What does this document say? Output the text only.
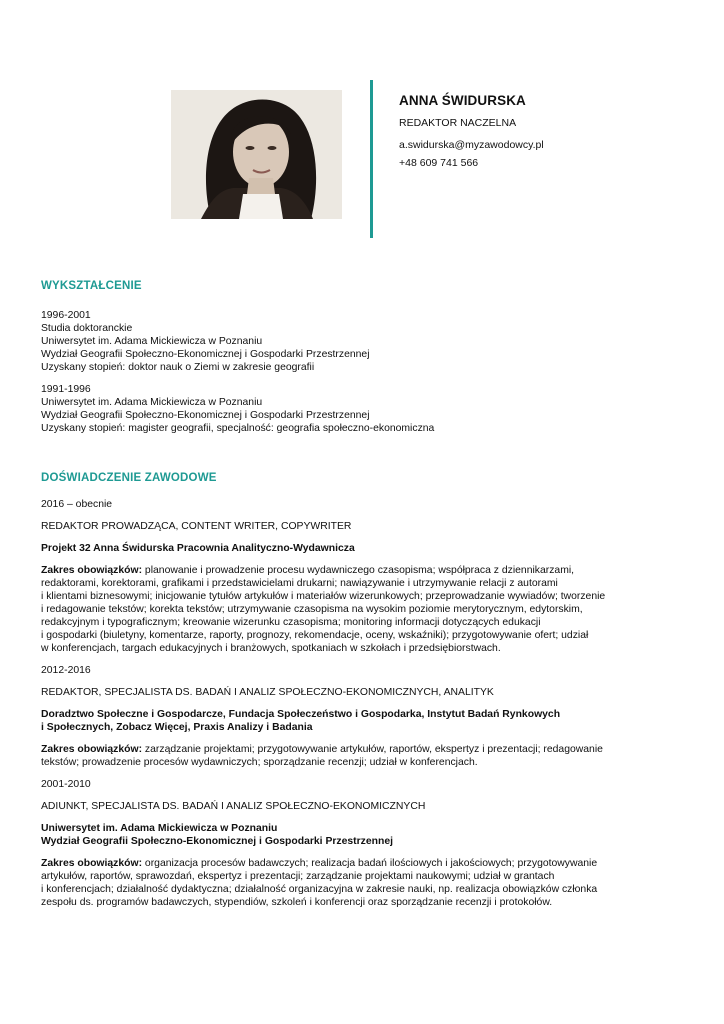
ANNA ŚWIDURSKA

REDAKTOR NACZELNA

a.swidurska@myzawodowcy.pl

+48 609 741 566

WYKSZTAŁCENIE

1996-2001

Studia doktoranckie

Uniwersytet im. Adama Mickiewicza w Poznaniu

Wydział Geografii Społeczno-Ekonomicznej i Gospodarki Przestrzennej

Uzyskany stopień: doktor nauk o Ziemi w zakresie geografii

1991-1996

Uniwersytet im. Adama Mickiewicza w Poznaniu

Wydział Geografii Społeczno-Ekonomicznej i Gospodarki Przestrzennej

Uzyskany stopień: magister geografii, specjalność: geografia społeczno-ekonomiczna

DOŚWIADCZENIE ZAWODOWE

2016 – obecnie

REDAKTOR PROWADZĄCA, CONTENT WRITER, COPYWRITER

Projekt 32 Anna Świdurska Pracownia Analityczno-Wydawnicza

Zakres obowiązków: planowanie i prowadzenie procesu wydawniczego czasopisma; współpraca z dziennikarzami,

redaktorami, korektorami, grafikami i przedstawicielami drukarni; nawiązywanie i utrzymywanie relacji z autorami

i klientami biznesowymi; inicjowanie tytułów artykułów i materiałów wizerunkowych; przeprowadzanie wywiadów; tworzenie

i redagowanie tekstów; korekta tekstów; utrzymywanie czasopisma na wysokim poziomie merytorycznym, edytorskim,

redakcyjnym i typograficznym; kreowanie wizerunku czasopisma; monitoring informacji dotyczących edukacji

i gospodarki (biuletyny, komentarze, raporty, prognozy, rekomendacje, oceny, wskaźniki); przygotowywanie ofert; udział

w konferencjach, targach edukacyjnych i branżowych, spotkaniach w szkołach i przedsiębiorstwach.

2012-2016

REDAKTOR, SPECJALISTA DS. BADAŃ I ANALIZ SPOŁECZNO-EKONOMICZNYCH, ANALITYK

Doradztwo Społeczne i Gospodarcze, Fundacja Społeczeństwo i Gospodarka, Instytut Badań Rynkowych

i Społecznych, Zobacz Więcej, Praxis Analizy i Badania

Zakres obowiązków: zarządzanie projektami; przygotowywanie artykułów, raportów, ekspertyz i prezentacji; redagowanie

tekstów; prowadzenie procesów wydawniczych; sporządzanie recenzji; udział w konferencjach.

2001-2010

ADIUNKT, SPECJALISTA DS. BADAŃ I ANALIZ SPOŁECZNO-EKONOMICZNYCH

Uniwersytet im. Adama Mickiewicza w Poznaniu

Wydział Geografii Społeczno-Ekonomicznej i Gospodarki Przestrzennej

Zakres obowiązków: organizacja procesów badawczych; realizacja badań ilościowych i jakościowych; przygotowywanie

artykułów, raportów, sprawozdań, ekspertyz i prezentacji; zarządzanie projektami naukowymi; udział w grantach

i konferencjach; działalność dydaktyczna; działalność organizacyjna w zakresie nauki, np. realizacja obowiązków członka

zespołu ds. programów badawczych, stypendiów, szkoleń i konferencji oraz sporządzanie recenzji i protokołów.
